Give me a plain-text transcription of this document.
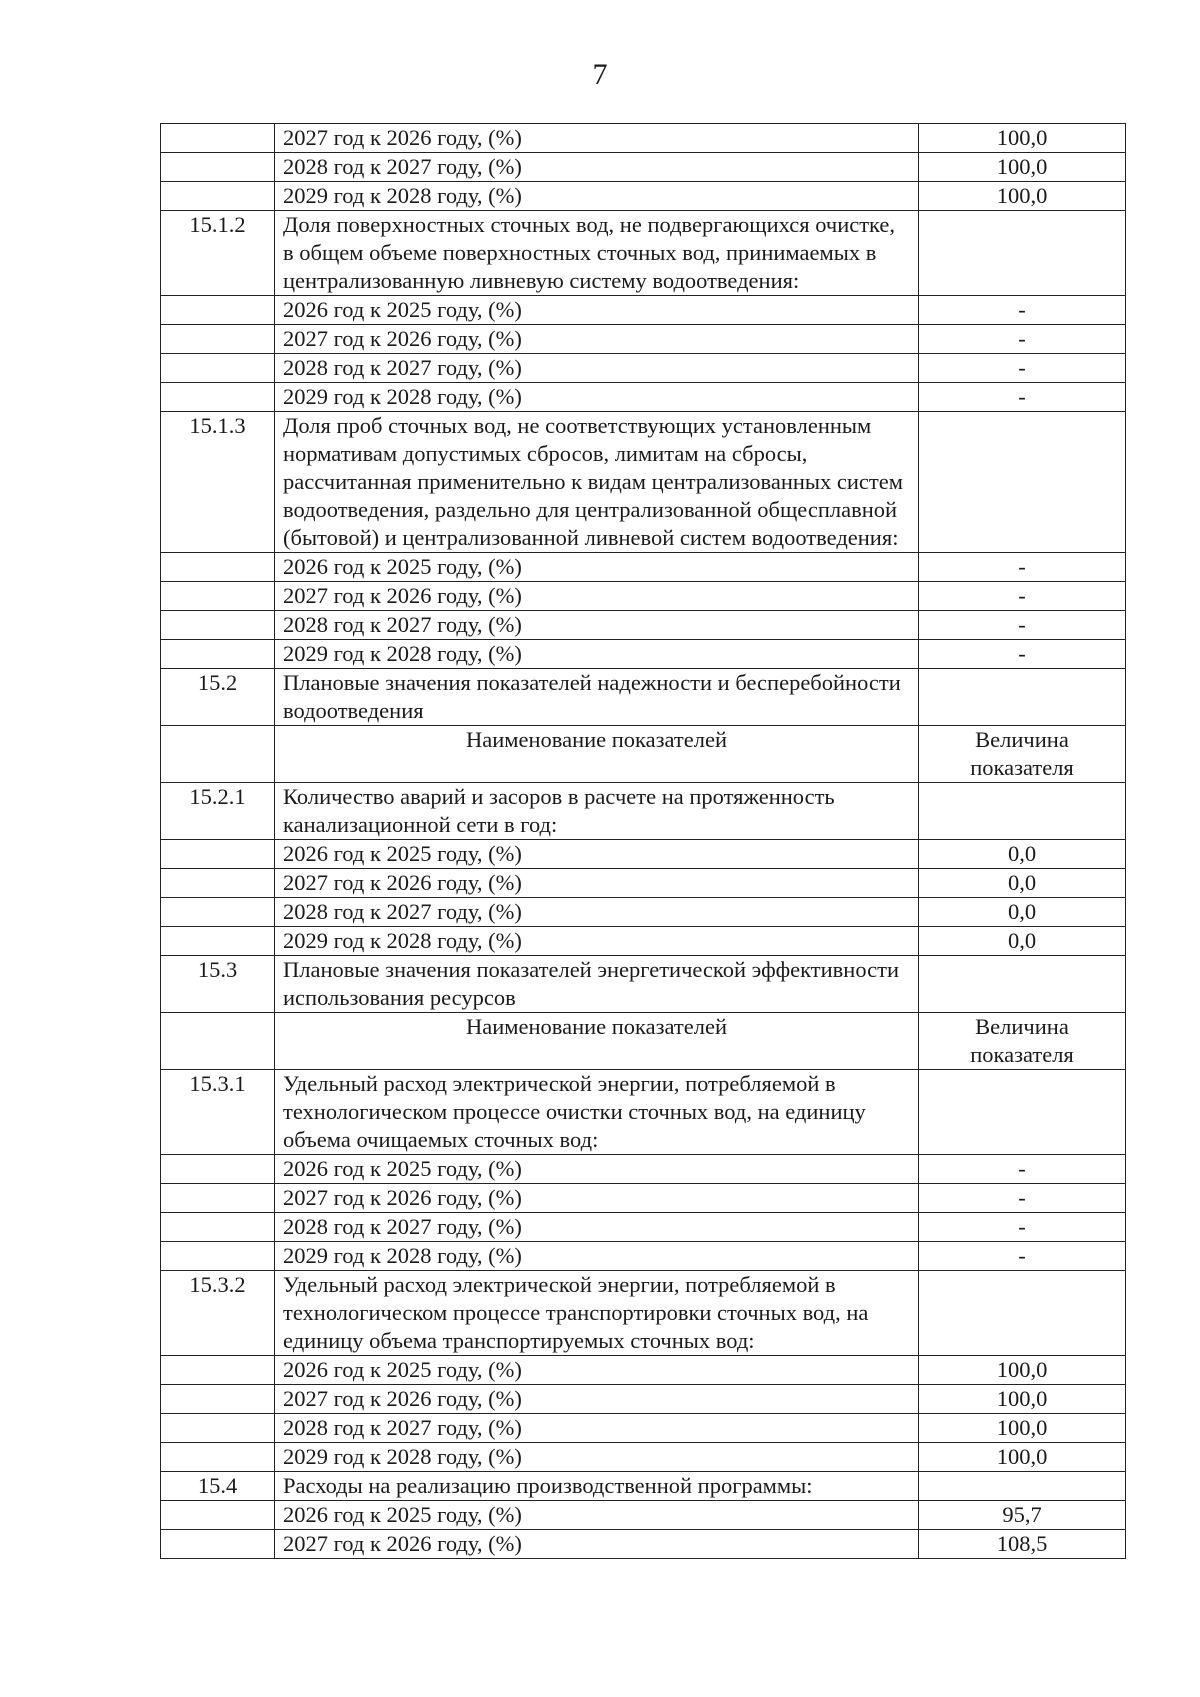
7
	2027 год к 2026 году, (%)	100,0
	2028 год к 2027 году, (%)	100,0
	2029 год к 2028 году, (%)	100,0
15.1.2	Доля поверхностных сточных вод, не подвергающихся очистке, в общем объеме поверхностных сточных вод, принимаемых в централизованную ливневую систему водоотведения:	
	2026 год к 2025 году, (%)	-
	2027 год к 2026 году, (%)	-
	2028 год к 2027 году, (%)	-
	2029 год к 2028 году, (%)	-
15.1.3	Доля проб сточных вод, не соответствующих установленным нормативам допустимых сбросов, лимитам на сбросы, рассчитанная применительно к видам централизованных систем водоотведения, раздельно для централизованной общесплавной (бытовой) и централизованной ливневой систем водоотведения:	
	2026 год к 2025 году, (%)	-
	2027 год к 2026 году, (%)	-
	2028 год к 2027 году, (%)	-
	2029 год к 2028 году, (%)	-
15.2	Плановые значения показателей надежности и бесперебойности водоотведения	
	Наименование показателей	Величина показателя
15.2.1	Количество аварий и засоров в расчете на протяженность канализационной сети в год:	
	2026 год к 2025 году, (%)	0,0
	2027 год к 2026 году, (%)	0,0
	2028 год к 2027 году, (%)	0,0
	2029 год к 2028 году, (%)	0,0
15.3	Плановые значения показателей энергетической эффективности использования ресурсов	
	Наименование показателей	Величина показателя
15.3.1	Удельный расход электрической энергии, потребляемой в технологическом процессе очистки сточных вод, на единицу объема очищаемых сточных вод:	
	2026 год к 2025 году, (%)	-
	2027 год к 2026 году, (%)	-
	2028 год к 2027 году, (%)	-
	2029 год к 2028 году, (%)	-
15.3.2	Удельный расход электрической энергии, потребляемой в технологическом процессе транспортировки сточных вод, на единицу объема транспортируемых сточных вод:	
	2026 год к 2025 году, (%)	100,0
	2027 год к 2026 году, (%)	100,0
	2028 год к 2027 году, (%)	100,0
	2029 год к 2028 году, (%)	100,0
15.4	Расходы на реализацию производственной программы:	
	2026 год к 2025 году, (%)	95,7
	2027 год к 2026 году, (%)	108,5
